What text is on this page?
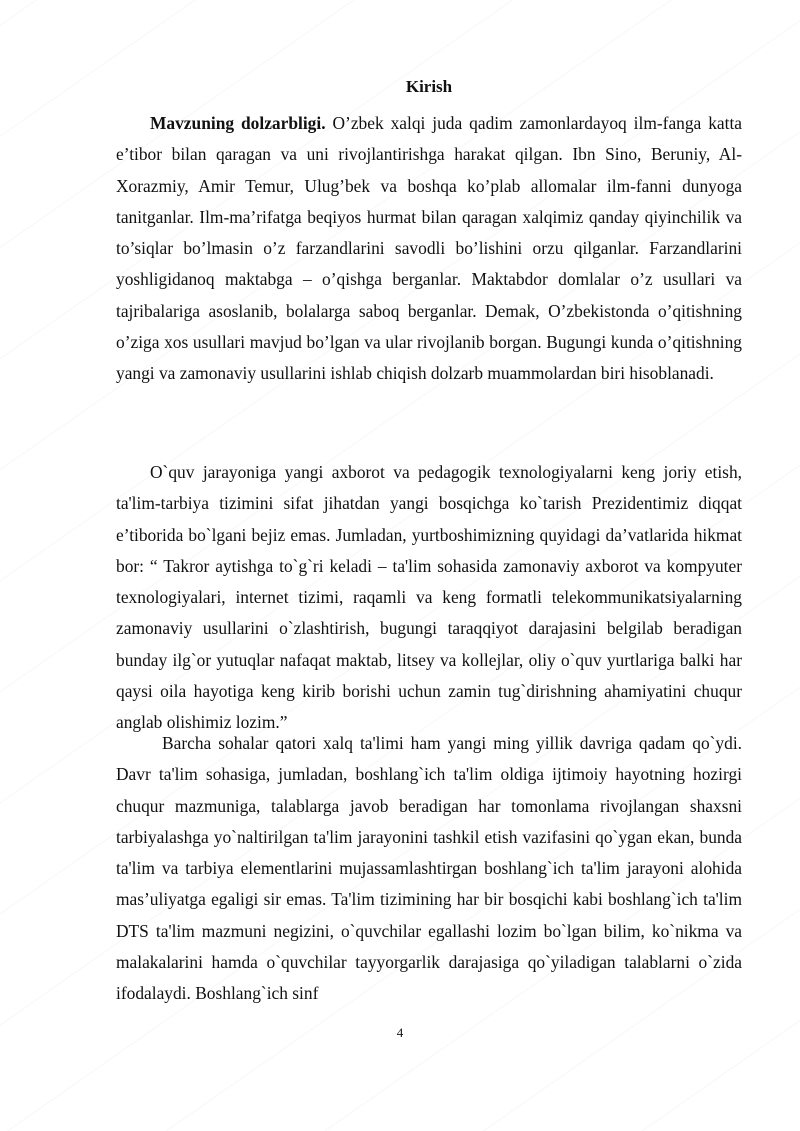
Kirish

Mavzuning dolzarbligi. O’zbek xalqi juda qadim zamonlardayoq ilm-fanga katta e’tibor bilan qaragan va uni rivojlantirishga harakat qilgan. Ibn Sino, Beruniy, Al-Xorazmiy, Amir Temur, Ulug’bek va boshqa ko’plab allomalar ilm-fanni dunyoga tanitganlar. Ilm-ma’rifatga beqiyos hurmat bilan qaragan xalqimiz qanday qiyinchilik va to’siqlar bo’lmasin o’z farzandlarini savodli bo’lishini orzu qilganlar. Farzandlarini yoshligidanoq maktabga – o’qishga berganlar. Maktabdor domlalar o’z usullari va tajribalariga asoslanib, bolalarga saboq berganlar. Demak, O’zbekistonda o’qitishning o’ziga xos usullari mavjud bo’lgan va ular rivojlanib borgan. Bugungi kunda o’qitishning yangi va zamonaviy usullarini ishlab chiqish dolzarb muammolardan biri hisoblanadi.

O`quv jarayoniga yangi axborot va pedagogik texnologiyalarni keng joriy etish, ta'lim-tarbiya tizimini sifat jihatdan yangi bosqichga ko`tarish Prezidentimiz diqqat e’tiborida bo`lgani bejiz emas. Jumladan, yurtboshimizning quyidagi da’vatlarida hikmat bor: “ Takror aytishga to`g`ri keladi – ta'lim sohasida zamonaviy axborot va kompyuter texnologiyalari, internet tizimi, raqamli va keng formatli telekommunikatsiyalarning zamonaviy usullarini o`zlashtirish, bugungi taraqqiyot darajasini belgilab beradigan bunday ilg`or yutuqlar nafaqat maktab, litsey va kollejlar, oliy o`quv yurtlariga balki har qaysi oila hayotiga keng kirib borishi uchun zamin tug`dirishning ahamiyatini chuqur anglab olishimiz lozim.”

Barcha sohalar qatori xalq ta'limi ham yangi ming yillik davriga qadam qo`ydi. Davr ta'lim sohasiga, jumladan, boshlang`ich ta'lim oldiga ijtimoiy hayotning hozirgi chuqur mazmuniga, talablarga javob beradigan har tomonlama rivojlangan shaxsni tarbiyalashga yo`naltirilgan ta'lim jarayonini tashkil etish vazifasini qo`ygan ekan, bunda ta'lim va tarbiya elementlarini mujassamlashtirgan boshlang`ich ta'lim jarayoni alohida mas’uliyatga egaligi sir emas. Ta'lim tizimining har bir bosqichi kabi boshlang`ich ta'lim DTS ta'lim mazmuni negizini, o`quvchilar egallashi lozim bo`lgan bilim, ko`nikma va malakalarini hamda o`quvchilar tayyorgarlik darajasiga qo`yiladigan talablarni o`zida ifodalaydi. Boshlang`ich sinf

4
